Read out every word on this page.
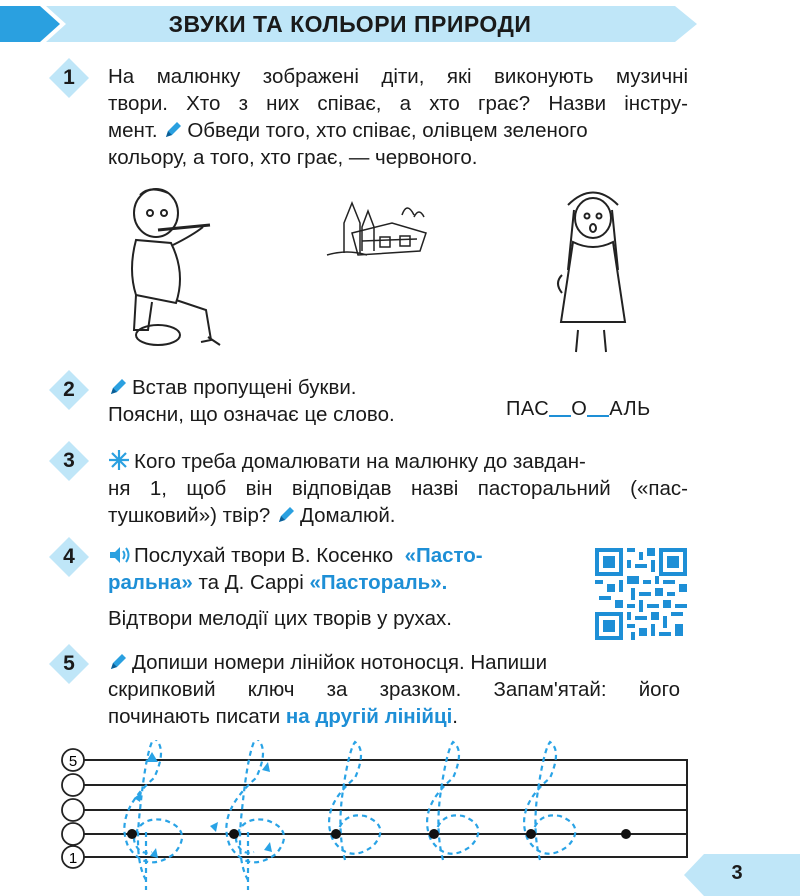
ЗВУКИ ТА КОЛЬОРИ ПРИРОДИ
1	На малюнку зображені діти, які виконують музичні
твори. Хто з них співає, а хто грає? Назви інстру-
мент. Обведи того, хто співає, олівцем зеленого
кольору, а того, хто грає, — червоного.
2	Встав пропущені букви.
Поясни, що означає це слово.	ПАС О АЛЬ
3	Кого треба домалювати на малюнку до завдан-
ня 1, щоб він відповідав назві пасторальний («пас-
тушковий») твір? Домалюй.
4	Послухай твори В. Косенко «Пасто-
ральна» та Д. Саррі «Пастораль».
Відтвори мелодії цих творів у рухах.
5	Допиши номери лінійок нотоносця. Напиши
скрипковий ключ за зразком. Запам'ятай: його
починають писати на другій лінійці.
5
1
3
